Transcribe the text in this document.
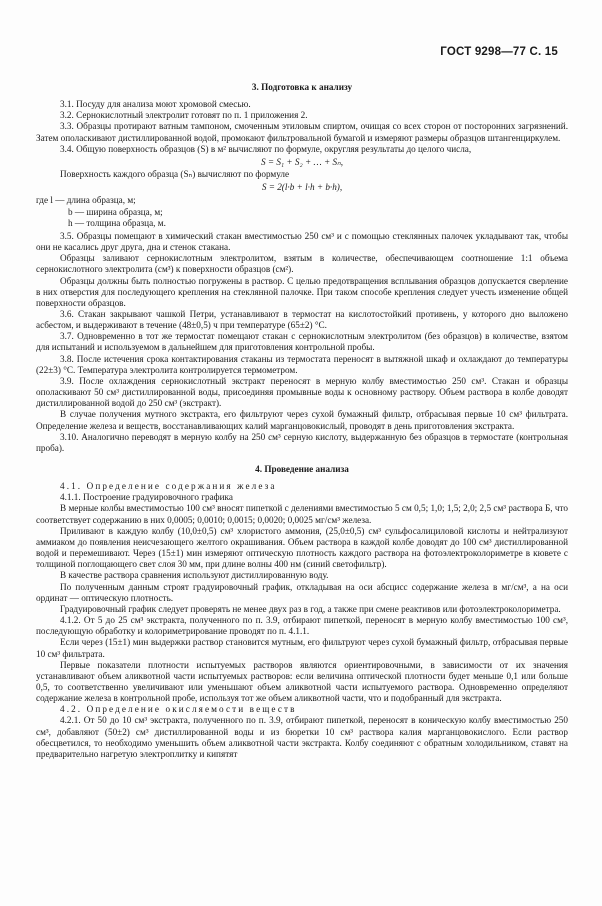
ГОСТ 9298—77 С. 15
3. Подготовка к анализу

3.1. Посуду для анализа моют хромовой смесью.

3.2. Сернокислотный электролит готовят по п. 1 приложения 2.

3.3. Образцы протирают ватным тампоном, смоченным этиловым спиртом, очищая со всех сторон от посторонних загрязнений. Затем ополаскивают дистиллированной водой, промокают фильтровальной бумагой и измеряют размеры образцов штангенциркулем.

3.4. Общую поверхность образцов (S) в м² вычисляют по формуле, округляя результаты до целого числа,

S = S₁ + S₂ + … + Sₙ,

Поверхность каждого образца (Sₙ) вычисляют по формуле

S = 2(l·b + l·h + b·h),
где l — длина образца, м;
b — ширина образца, м;
h — толщина образца, м.

3.5. Образцы помещают в химический стакан вместимостью 250 см³ и с помощью стеклянных палочек укладывают так, чтобы они не касались друг друга, дна и стенок стакана.

Образцы заливают сернокислотным электролитом, взятым в количестве, обеспечивающем соотношение 1:1 объема сернокислотного электролита (см³) к поверхности образцов (см²).

Образцы должны быть полностью погружены в раствор. С целью предотвращения всплывания образцов допускается сверление в них отверстия для последующего крепления на стеклянной палочке. При таком способе крепления следует учесть изменение общей поверхности образцов.

3.6. Стакан закрывают чашкой Петри, устанавливают в термостат на кислотостойкий противень, у которого дно выложено асбестом, и выдерживают в течение (48±0,5) ч при температуре (65±2) °С.

3.7. Одновременно в тот же термостат помещают стакан с сернокислотным электролитом (без образцов) в количестве, взятом для испытаний и используемом в дальнейшем для приготовления контрольной пробы.

3.8. После истечения срока контактирования стаканы из термостата переносят в вытяжной шкаф и охлаждают до температуры (22±3) °С. Температура электролита контролируется термометром.

3.9. После охлаждения сернокислотный экстракт переносят в мерную колбу вместимостью 250 см³. Стакан и образцы ополаскивают 50 см³ дистиллированной воды, присоединяя промывные воды к основному раствору. Объем раствора в колбе доводят дистиллированной водой до 250 см³ (экстракт).

В случае получения мутного экстракта, его фильтруют через сухой бумажный фильтр, отбрасывая первые 10 см³ фильтрата. Определение железа и веществ, восстанавливающих калий марганцовокислый, проводят в день приготовления экстракта.

3.10. Аналогично переводят в мерную колбу на 250 см³ серную кислоту, выдержанную без образцов в термостате (контрольная проба).

4. Проведение анализа

4.1. Определение содержания железа

4.1.1. Построение градуировочного графика

В мерные колбы вместимостью 100 см³ вносят пипеткой с делениями вместимостью 5 см 0,5; 1,0; 1,5; 2,0; 2,5 см³ раствора Б, что соответствует содержанию в них 0,0005; 0,0010; 0,0015; 0,0020; 0,0025 мг/см³ железа.

Приливают в каждую колбу (10,0±0,5) см³ хлористого аммония, (25,0±0,5) см³ сульфосалициловой кислоты и нейтрализуют аммиаком до появления неисчезающего желтого окрашивания. Объем раствора в каждой колбе доводят до 100 см³ дистиллированной водой и перемешивают. Через (15±1) мин измеряют оптическую плотность каждого раствора на фотоэлектроколориметре в кювете с толщиной поглощающего свет слоя 30 мм, при длине волны 400 нм (синий светофильтр).

В качестве раствора сравнения используют дистиллированную воду.

По полученным данным строят градуировочный график, откладывая на оси абсцисс содержание железа в мг/см³, а на оси ординат — оптическую плотность.

Градуировочный график следует проверять не менее двух раз в год, а также при смене реактивов или фотоэлектроколориметра.

4.1.2. От 5 до 25 см³ экстракта, полученного по п. 3.9, отбирают пипеткой, переносят в мерную колбу вместимостью 100 см³, последующую обработку и колориметрирование проводят по п. 4.1.1.

Если через (15±1) мин выдержки раствор становится мутным, его фильтруют через сухой бумажный фильтр, отбрасывая первые 10 см³ фильтрата.

Первые показатели плотности испытуемых растворов являются ориентировочными, в зависимости от их значения устанавливают объем аликвотной части испытуемых растворов: если величина оптической плотности будет меньше 0,1 или больше 0,5, то соответственно увеличивают или уменьшают объем аликвотной части испытуемого раствора. Одновременно определяют содержание железа в контрольной пробе, используя тот же объем аликвотной части, что и подобранный для экстракта.

4.2. Определение окисляемости веществ

4.2.1. От 50 до 10 см³ экстракта, полученного по п. 3.9, отбирают пипеткой, переносят в коническую колбу вместимостью 250 см³, добавляют (50±2) см³ дистиллированной воды и из бюретки 10 см³ раствора калия марганцовокислого. Если раствор обесцветился, то необходимо уменьшить объем аликвотной части экстракта. Колбу соединяют с обратным холодильником, ставят на предварительно нагретую электроплитку и кипятят
